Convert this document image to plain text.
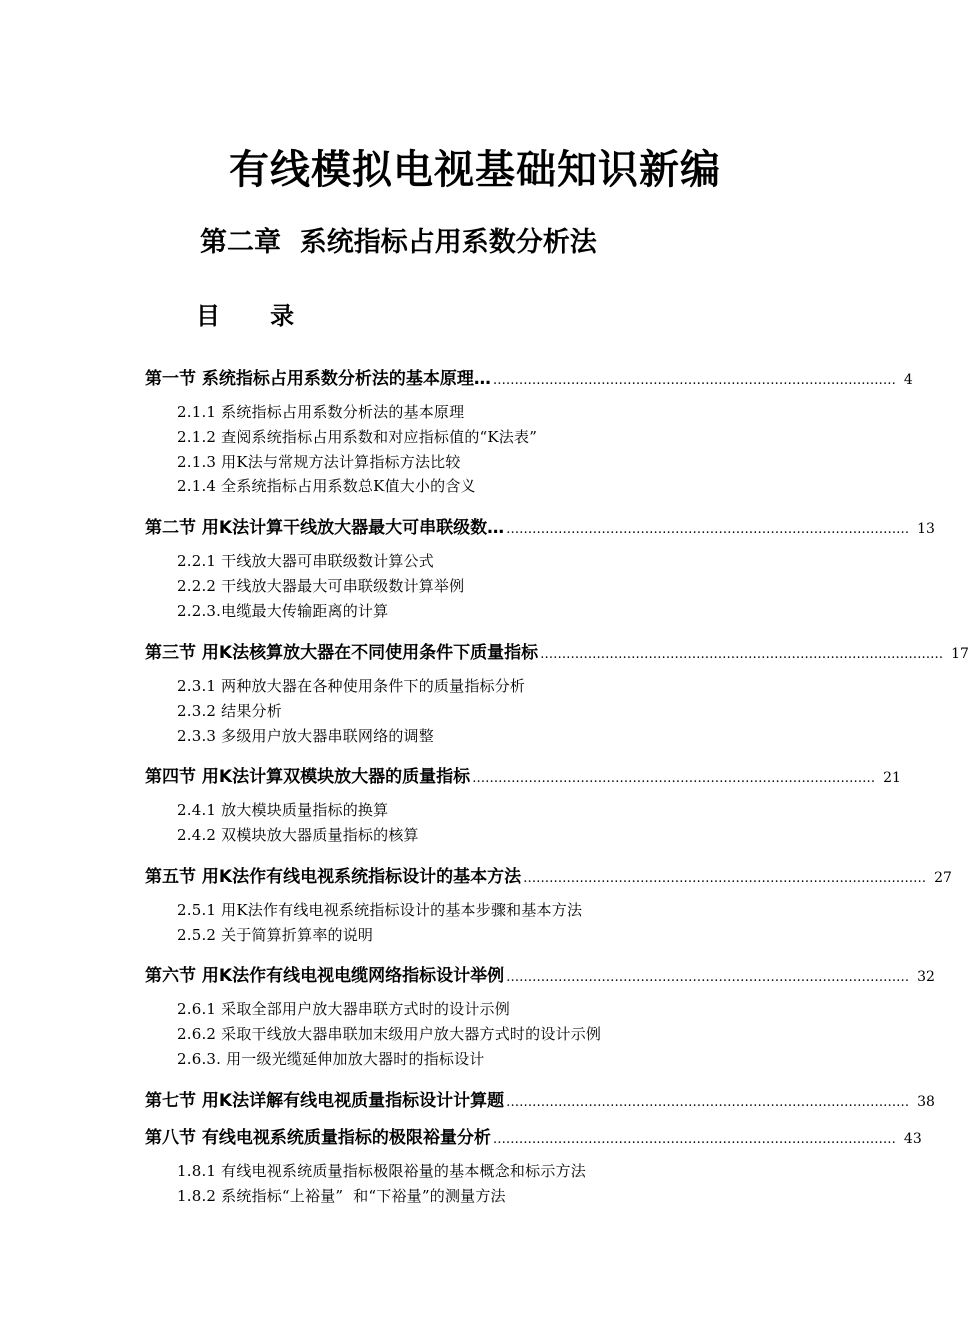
有线模拟电视基础知识新编
第二章  系统指标占用系数分析法
目      录
第一节 系统指标占用系数分析法的基本原理… ………………………………………………………………………………… 4
2.1.1 系统指标占用系数分析法的基本原理
2.1.2 查阅系统指标占用系数和对应指标值的“K法表”
2.1.3 用K法与常规方法计算指标方法比较
2.1.4 全系统指标占用系数总K值大小的含义
第二节 用K法计算干线放大器最大可串联级数… ………………………………………………………………………………… 13
2.2.1 干线放大器可串联级数计算公式
2.2.2 干线放大器最大可串联级数计算举例
2.2.3.电缆最大传输距离的计算
第三节 用K法核算放大器在不同使用条件下质量指标 ………………………………………………………………………………… 17
2.3.1 两种放大器在各种使用条件下的质量指标分析
2.3.2 结果分析
2.3.3 多级用户放大器串联网络的调整
第四节 用K法计算双模块放大器的质量指标 ………………………………………………………………………………… 21
2.4.1 放大模块质量指标的换算
2.4.2 双模块放大器质量指标的核算
第五节 用K法作有线电视系统指标设计的基本方法 ………………………………………………………………………………… 27
2.5.1 用K法作有线电视系统指标设计的基本步骤和基本方法
2.5.2 关于简算折算率的说明
第六节 用K法作有线电视电缆网络指标设计举例 ………………………………………………………………………………… 32
2.6.1 采取全部用户放大器串联方式时的设计示例
2.6.2 采取干线放大器串联加末级用户放大器方式时的设计示例
2.6.3. 用一级光缆延伸加放大器时的指标设计
第七节 用K法详解有线电视质量指标设计计算题 ………………………………………………………………………………… 38
第八节 有线电视系统质量指标的极限裕量分析 ………………………………………………………………………………… 43
1.8.1 有线电视系统质量指标极限裕量的基本概念和标示方法
1.8.2 系统指标“上裕量”  和“下裕量”的测量方法
